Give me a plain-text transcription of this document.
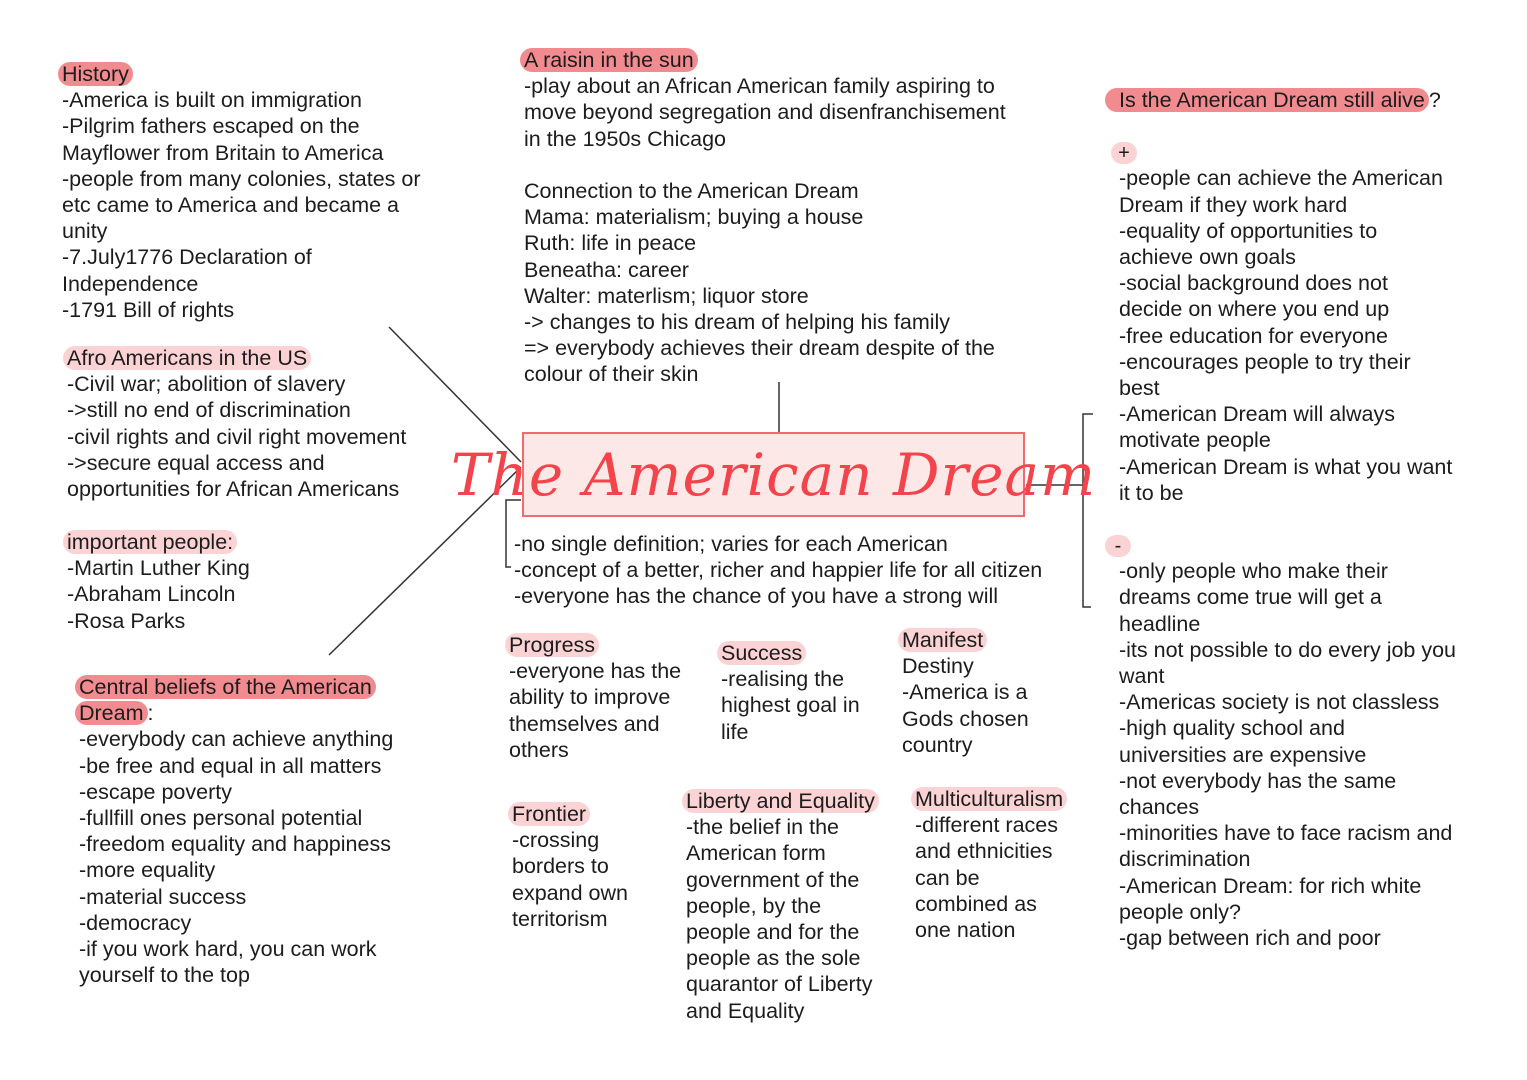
The American Dream
History
-America is built on immigration
-Pilgrim fathers escaped on the
Mayflower from Britain to America
-people from many colonies, states or
etc came to America and became a
unity
-7.July1776 Declaration of
Independence
-1791 Bill of rights
Afro Americans in the US
-Civil war; abolition of slavery
->still no end of discrimination
-civil rights and civil right movement
->secure equal access and
opportunities for African Americans
important people:
-Martin Luther King
-Abraham Lincoln
-Rosa Parks
Central beliefs of the American
Dream :
-everybody can achieve anything
-be free and equal in all matters
-escape poverty
-fullfill ones personal potential
-freedom equality and happiness
-more equality
-material success
-democracy
-if you work hard, you can work
yourself to the top
A raisin in the sun
-play about an African American family aspiring to
move beyond segregation and disenfranchisement
in the 1950s Chicago

Connection to the American Dream
Mama: materialism; buying a house
Ruth: life in peace
Beneatha: career
Walter: materlism; liquor store
-> changes to his dream of helping his family
=> everybody achieves their dream despite of the
colour of their skin
-no single definition; varies for each American
-concept of a better, richer and happier life for all citizen
-everyone has the chance of you have a strong will
Progress
-everyone has the
ability to improve
themselves and
others
Success
-realising the
highest goal in
life
Manifest
Destiny
-America is a
Gods chosen
country
Frontier
-crossing
borders to
expand own
territorism
Liberty and Equality
-the belief in the
American form
government of the
people, by the
people and for the
people as the sole
quarantor of Liberty
and Equality
Multiculturalism
-different races
and ethnicities
can be
combined as
one nation
Is the American Dream still alive ?
+
-people can achieve the American
Dream if they work hard
-equality of opportunities to
achieve own goals
-social background does not
decide on where you end up
-free education for everyone
-encourages people to try their
best
-American Dream will always
motivate people
-American Dream is what you want
it to be
-
-only people who make their
dreams come true will get a
headline
-its not possible to do every job you
want
-Americas society is not classless
-high quality school and
universities are expensive
-not everybody has the same
chances
-minorities have to face racism and
discrimination
-American Dream: for rich white
people only?
-gap between rich and poor
